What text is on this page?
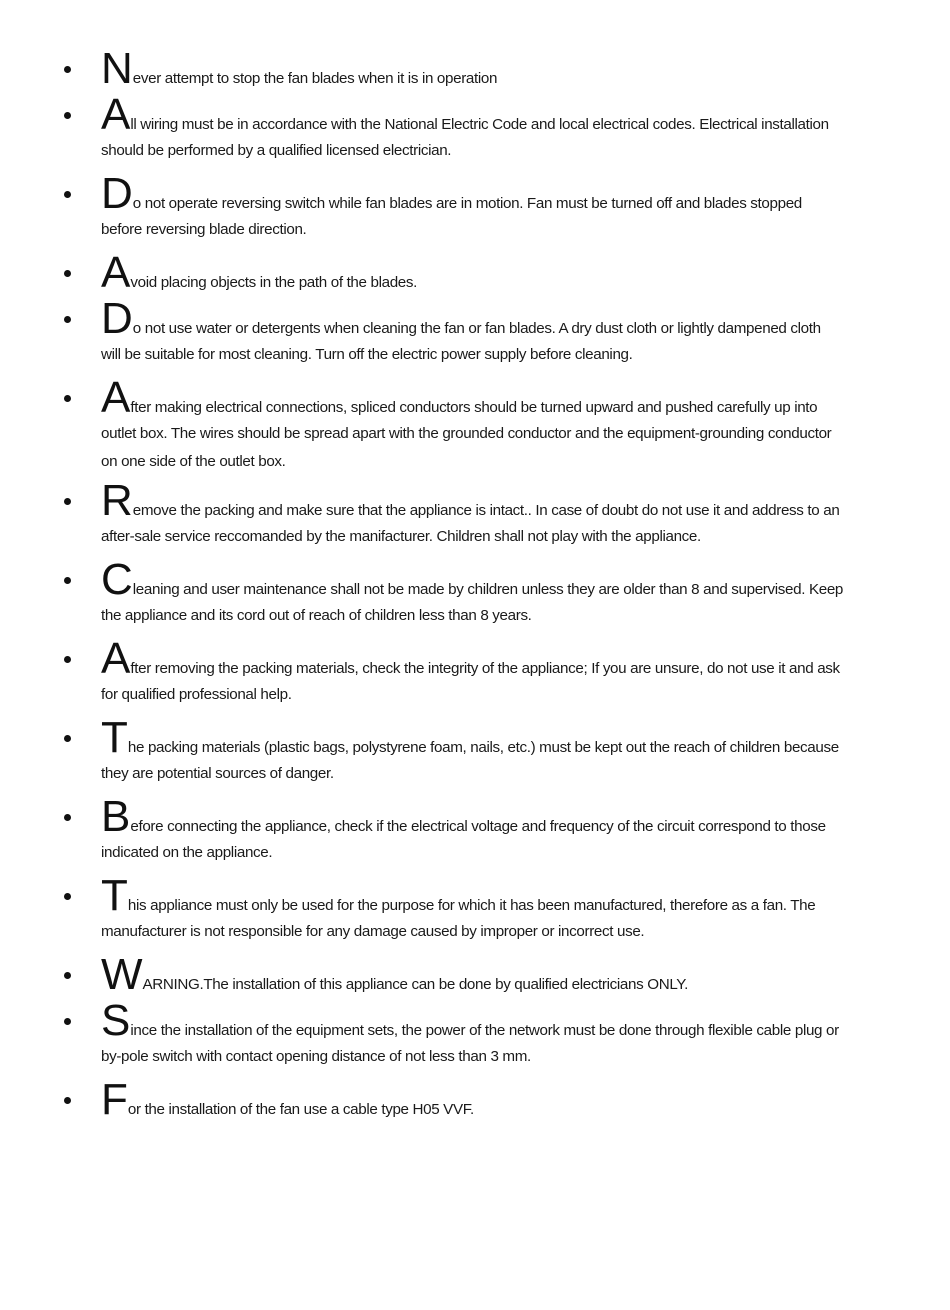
Never attempt to stop the fan blades when it is in operation
All wiring must be in accordance with the National Electric Code and local electrical codes. Electrical installation
should be performed by a qualified licensed electrician.
Do not operate reversing switch while fan blades are in motion. Fan must be turned off and blades stopped
before reversing blade direction.
Avoid placing objects in the path of the blades.
Do not use water or detergents when cleaning the fan or fan blades. A dry dust cloth or lightly dampened cloth
will be suitable for most cleaning. Turn off the electric power supply before cleaning.
After making electrical connections, spliced conductors should be turned upward and pushed carefully up into
outlet box. The wires should be spread apart with the grounded conductor and the equipment-grounding conductor
on one side of the outlet box.
Remove the packing and make sure that the appliance is intact.. In case of doubt do not use it and address to an
after-sale service reccomanded by the manifacturer. Children shall not play with the appliance.
Cleaning and user maintenance shall not be made by children unless they are older than 8 and supervised. Keep
the appliance and its cord out of reach of children less than 8 years.
After removing the packing materials, check the integrity of the appliance; If you are unsure, do not use it and ask
for qualified professional help.
The packing materials (plastic bags, polystyrene foam, nails, etc.) must be kept out the reach of children because
they are potential sources of danger.
Before connecting the appliance, check if the electrical voltage and frequency of the circuit correspond to those
indicated on the appliance.
This appliance must only be used for the purpose for which it has been manufactured, therefore as a fan. The
manufacturer is not responsible for any damage caused by improper or incorrect use.
WARNING.The installation of this appliance can be done by qualified electricians ONLY.
Since the installation of the equipment sets, the power of the network must be done through flexible cable plug or
by-pole switch with contact opening distance of not less than 3 mm.
For the installation of the fan use a cable type H05 VVF.
